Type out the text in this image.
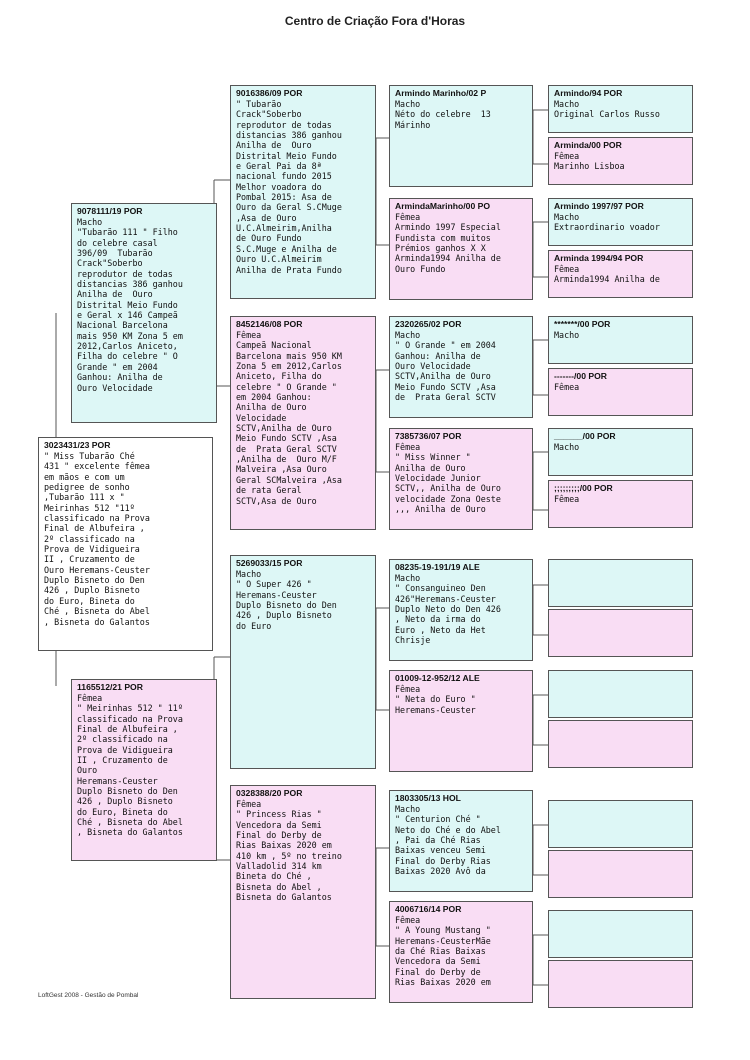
Centro de Criação Fora d'Horas
3023431/23 POR
" Miss Tubarão Ché
431 " excelente fêmea
em mãos e com um
pedigree de sonho
,Tubarão 111 x "
Meirinhas 512 "11º
classificado na Prova
Final de Albufeira ,
2º classificado na
Prova de Vidigueira
II , Cruzamento de
Ouro Heremans-Ceuster
Duplo Bisneto do Den
426 , Duplo Bisneto
do Euro, Bineta do
Ché , Bisneta do Abel
, Bisneta do Galantos
9078111/19 POR
Macho
"Tubarão 111 " Filho
do celebre casal
396/09  Tubarão
Crack"Soberbo
reprodutor de todas
distancias 386 ganhou
Anilha de  Ouro
Distrital Meio Fundo
e Geral x 146 Campeã
Nacional Barcelona
mais 950 KM Zona 5 em
2012,Carlos Aniceto,
Filha do celebre " O
Grande " em 2004
Ganhou: Anilha de
Ouro Velocidade
1165512/21 POR
Fêmea
" Meirinhas 512 " 11º
classificado na Prova
Final de Albufeira ,
2º classificado na
Prova de Vidigueira
II , Cruzamento de
Ouro
Heremans-Ceuster
Duplo Bisneto do Den
426 , Duplo Bisneto
do Euro, Bineta do
Ché , Bisneta do Abel
, Bisneta do Galantos
9016386/09 POR
" Tubarão
Crack"Soberbo
reprodutor de todas
distancias 386 ganhou
Anilha de  Ouro
Distrital Meio Fundo
e Geral Pai da 8ª
nacional fundo 2015
Melhor voadora do
Pombal 2015: Asa de
Ouro da Geral S.CMuge
,Asa de Ouro
U.C.Almeirim,Anilha
de Ouro Fundo
S.C.Muge e Anilha de
Ouro U.C.Almeirim
Anilha de Prata Fundo
8452146/08 POR
Fêmea
Campeã Nacional
Barcelona mais 950 KM
Zona 5 em 2012,Carlos
Aniceto, Filha do
celebre " O Grande "
em 2004 Ganhou:
Anilha de Ouro
Velocidade
SCTV,Anilha de Ouro
Meio Fundo SCTV ,Asa
de  Prata Geral SCTV
,Anilha de  Ouro M/F
Malveira ,Asa Ouro
Geral SCMalveira ,Asa
de rata Geral
SCTV,Asa de Ouro
5269033/15 POR
Macho
" O Super 426 "
Heremans-Ceuster
Duplo Bisneto do Den
426 , Duplo Bisneto
do Euro
0328388/20 POR
Fêmea
" Princess Rias "
Vencedora da Semi
Final do Derby de
Rias Baixas 2020 em
410 km , 5º no treino
Valladolid 314 km
Bineta do Ché ,
Bisneta do Abel ,
Bisneta do Galantos
Armindo Marinho/02 P
Macho
Néto do celebre  13
Márinho
ArmindaMarinho/00 PO
Fêmea
Armindo 1997 Especial
Fundista com muitos
Prémios ganhos X X
Arminda1994 Anilha de
Ouro Fundo
2320265/02 POR
Macho
" O Grande " em 2004
Ganhou: Anilha de
Ouro Velocidade
SCTV,Anilha de Ouro
Meio Fundo SCTV ,Asa
de  Prata Geral SCTV
7385736/07 POR
Fêmea
" Miss Winner "
Anilha de Ouro
Velocidade Junior
SCTV,, Anilha de Ouro
velocidade Zona Oeste
,,, Anilha de Ouro
08235-19-191/19 ALE
Macho
" Consanguineo Den
426"Heremans-Ceuster
Duplo Neto do Den 426
, Neto da irma do
Euro , Neto da Het
Chrisje
01009-12-952/12 ALE
Fêmea
" Neta do Euro "
Heremans-Ceuster
1803305/13 HOL
Macho
" Centurion Ché "
Neto do Ché e do Abel
, Pai da Ché Rias
Baixas venceu Semi
Final do Derby Rias
Baixas 2020 Avô da
4006716/14 POR
Fêmea
" A Young Mustang "
Heremans-CeusterMãe
da Ché Rias Baixas
Vencedora da Semi
Final do Derby de
Rias Baixas 2020 em
Armindo/94 POR
Macho
Original Carlos Russo
Arminda/00 POR
Fêmea
Marinho Lisboa
Armindo 1997/97 POR
Macho
Extraordinario voador
Arminda 1994/94 POR
Fêmea
Arminda1994 Anilha de
*******/00 POR
Macho
-------/00 POR
Fêmea
______/00 POR
Macho
;;;;;;;;;/00 POR
Fêmea
LoftGest 2008 - Gestão de Pombal
